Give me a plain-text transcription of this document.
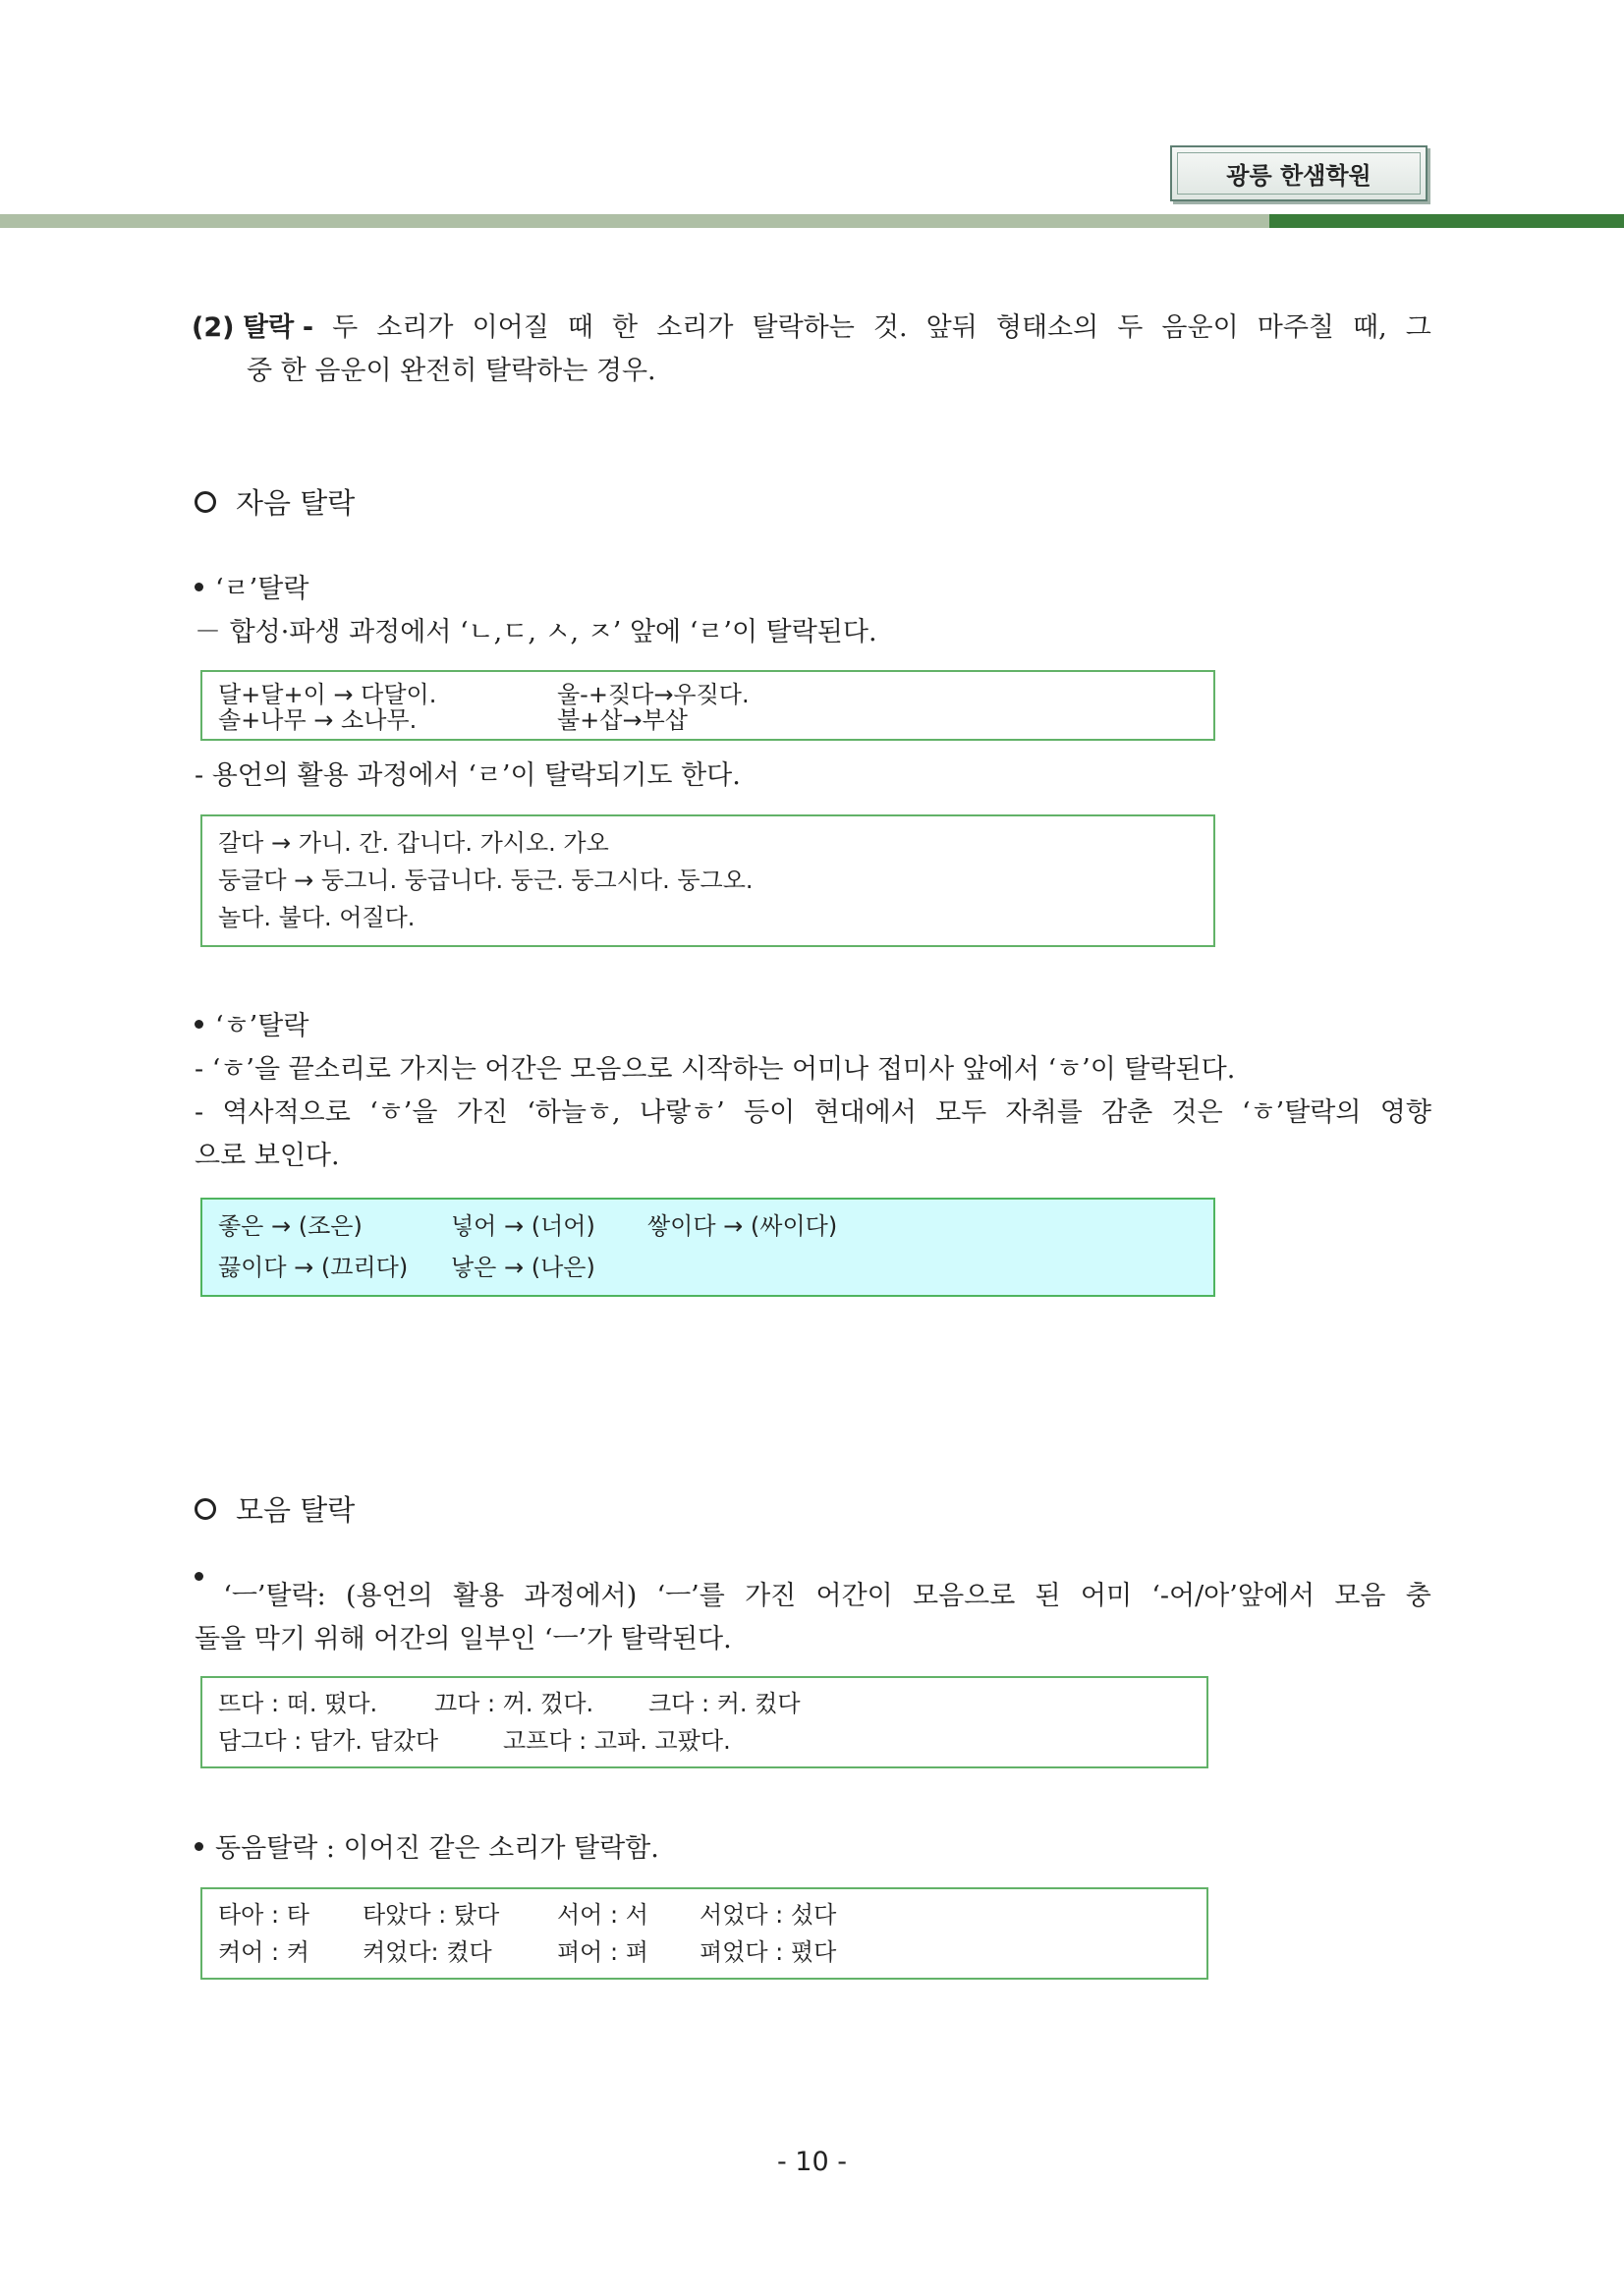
광릉 한샘학원
(2) 탈락 - 두 소리가 이어질 때 한 소리가 탈락하는 것. 앞뒤 형태소의 두 음운이 마주칠 때, 그
중 한 음운이 완전히 탈락하는 경우.
자음 탈락
‘ㄹ’탈락
－ 합성·파생 과정에서 ‘ㄴ,ㄷ, ㅅ, ㅈ’ 앞에 ‘ㄹ’이 탈락된다.
달+달+이 → 다달이.	울-+짖다→우짖다.
솔+나무 → 소나무.	불+삽→부삽
- 용언의 활용 과정에서 ‘ㄹ’이 탈락되기도 한다.
갈다 → 가니. 간. 갑니다. 가시오. 가오
둥글다 → 둥그니. 둥급니다. 둥근. 둥그시다. 둥그오.
놀다. 불다. 어질다.
‘ㅎ’탈락
- ‘ㅎ’을 끝소리로 가지는 어간은 모음으로 시작하는 어미나 접미사 앞에서 ‘ㅎ’이 탈락된다.
- 역사적으로 ‘ㅎ’을 가진 ‘하늘ㅎ, 나랗ㅎ’ 등이 현대에서 모두 자취를 감춘 것은 ‘ㅎ’탈락의 영향
으로 보인다.
좋은 → (조은)	넣어 → (너어)	쌓이다 → (싸이다)
끓이다 → (끄리다)	낳은 → (나은)
모음 탈락
‘ㅡ’탈락: (용언의 활용 과정에서) ‘ㅡ’를 가진 어간이 모음으로 된 어미 ‘-어/아’앞에서 모음 충
돌을 막기 위해 어간의 일부인 ‘ㅡ’가 탈락된다.
뜨다 : 떠. 떴다.	끄다 : 꺼. 껐다.	크다 : 커. 컸다
담그다 : 담가. 담갔다	고프다 : 고파. 고팠다.
동음탈락 : 이어진 같은 소리가 탈락함.
타아 : 타	타았다 : 탔다	서어 : 서	서었다 : 섰다
켜어 : 켜	켜었다: 켰다	펴어 : 펴	펴었다 : 폈다
- 10 -
